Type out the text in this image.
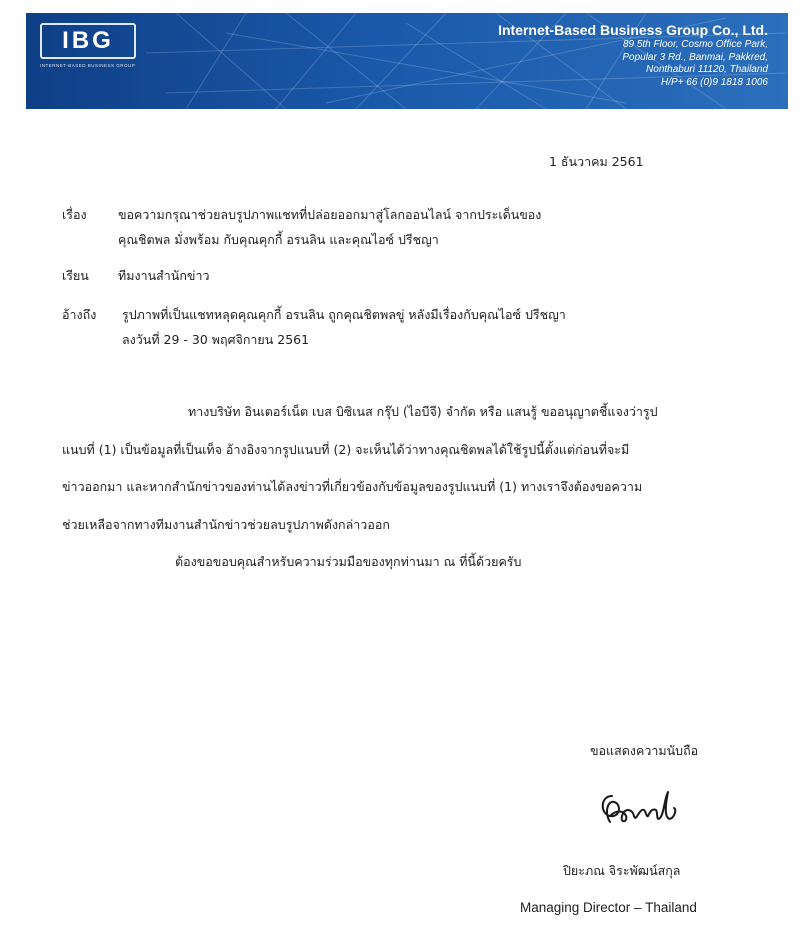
IBG
INTERNET-BASED BUSINESS GROUP
Internet-Based Business Group Co., Ltd.
89 5th Floor, Cosmo Office Park,
Popular 3 Rd., Banmai, Pakkred,
Nonthaburi 11120, Thailand
H/P+ 66 (0)9 1818 1006
1 ธันวาคม 2561
เรื่อง	ขอความกรุณาช่วยลบรูปภาพแชทที่ปล่อยออกมาสู่โลกออนไลน์ จากประเด็นของ
คุณชิตพล มั่งพร้อม กับคุณคุกกี้ อรนลิน และคุณไอซ์ ปรีชญา
เรียน ทีมงานสำนักข่าว
อ้างถึง รูปภาพที่เป็นแชทหลุดคุณคุกกี้ อรนลิน ถูกคุณชิตพลขู่ หลังมีเรื่องกับคุณไอซ์ ปรีชญา
ลงวันที่ 29 - 30 พฤศจิกายน 2561
ทางบริษัท อินเตอร์เน็ต เบส บิซิเนส กรุ๊ป (ไอบีจี) จำกัด หรือ แสนรู้ ขออนุญาตชี้แจงว่ารูป
แนบที่ (1) เป็นข้อมูลที่เป็นเท็จ อ้างอิงจากรูปแนบที่ (2) จะเห็นได้ว่าทางคุณชิตพลได้ใช้รูปนี้ตั้งแต่ก่อนที่จะมี
ข่าวออกมา และหากสำนักข่าวของท่านได้ลงข่าวที่เกี่ยวข้องกับข้อมูลของรูปแนบที่ (1) ทางเราจึงต้องขอความ
ช่วยเหลือจากทางทีมงานสำนักข่าวช่วยลบรูปภาพดังกล่าวออก
ต้องขอขอบคุณสำหรับความร่วมมือของทุกท่านมา ณ ที่นี้ด้วยครับ
ขอแสดงความนับถือ
ปิยะภณ จิระพัฒน์สกุล
Managing Director – Thailand
